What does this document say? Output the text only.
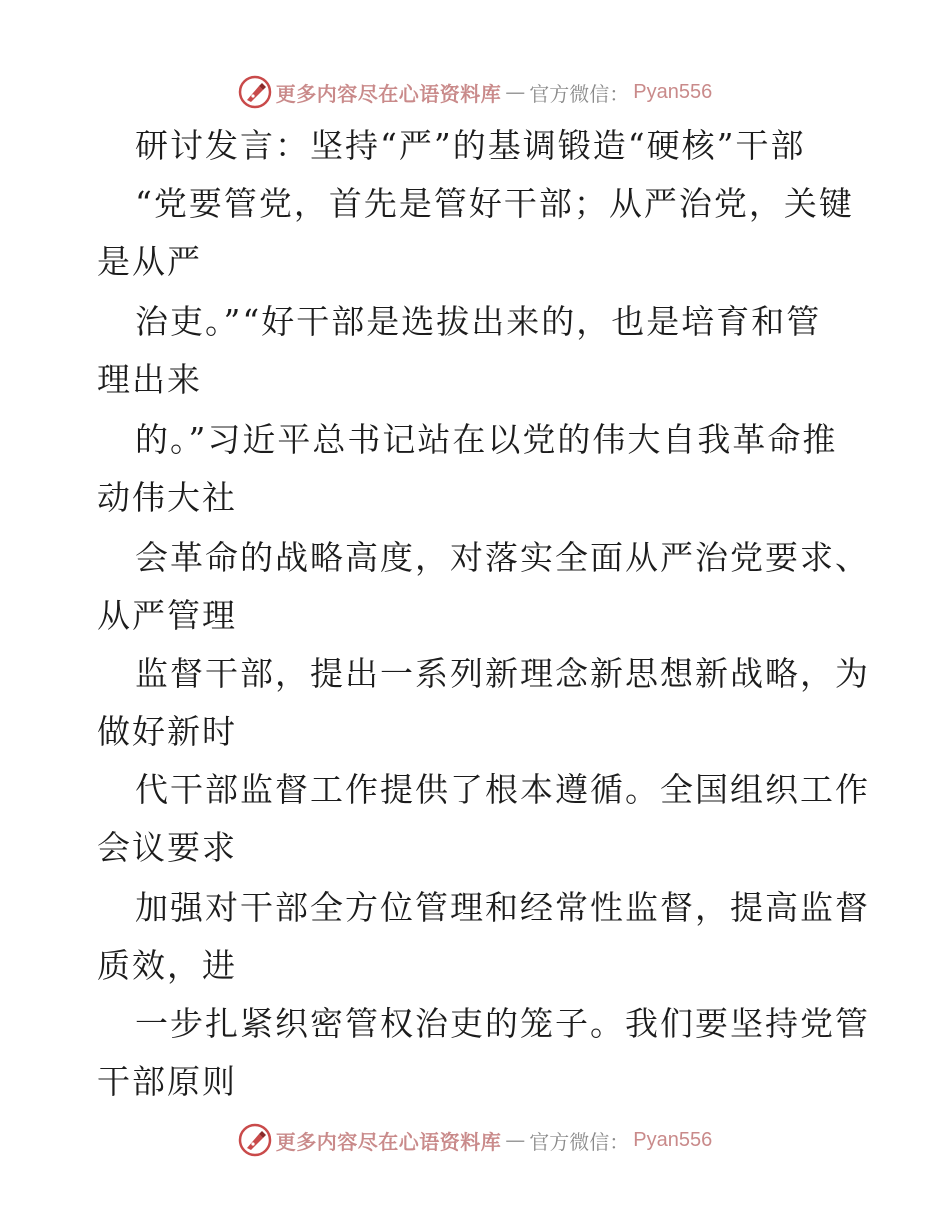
更多内容尽在心语资料库 — 官方微信： Pyan556
研讨发言：坚持“严”的基调锻造“硬核”干部
“党要管党，首先是管好干部；从严治党，关键
是从严
治吏。”“好干部是选拔出来的，也是培育和管
理出来
的。”习近平总书记站在以党的伟大自我革命推
动伟大社
会革命的战略高度，对落实全面从严治党要求、
从严管理
监督干部，提出一系列新理念新思想新战略，为
做好新时
代干部监督工作提供了根本遵循。全国组织工作
会议要求
加强对干部全方位管理和经常性监督，提高监督
质效，进
一步扎紧织密管权治吏的笼子。我们要坚持党管
干部原则
更多内容尽在心语资料库 — 官方微信： Pyan556
